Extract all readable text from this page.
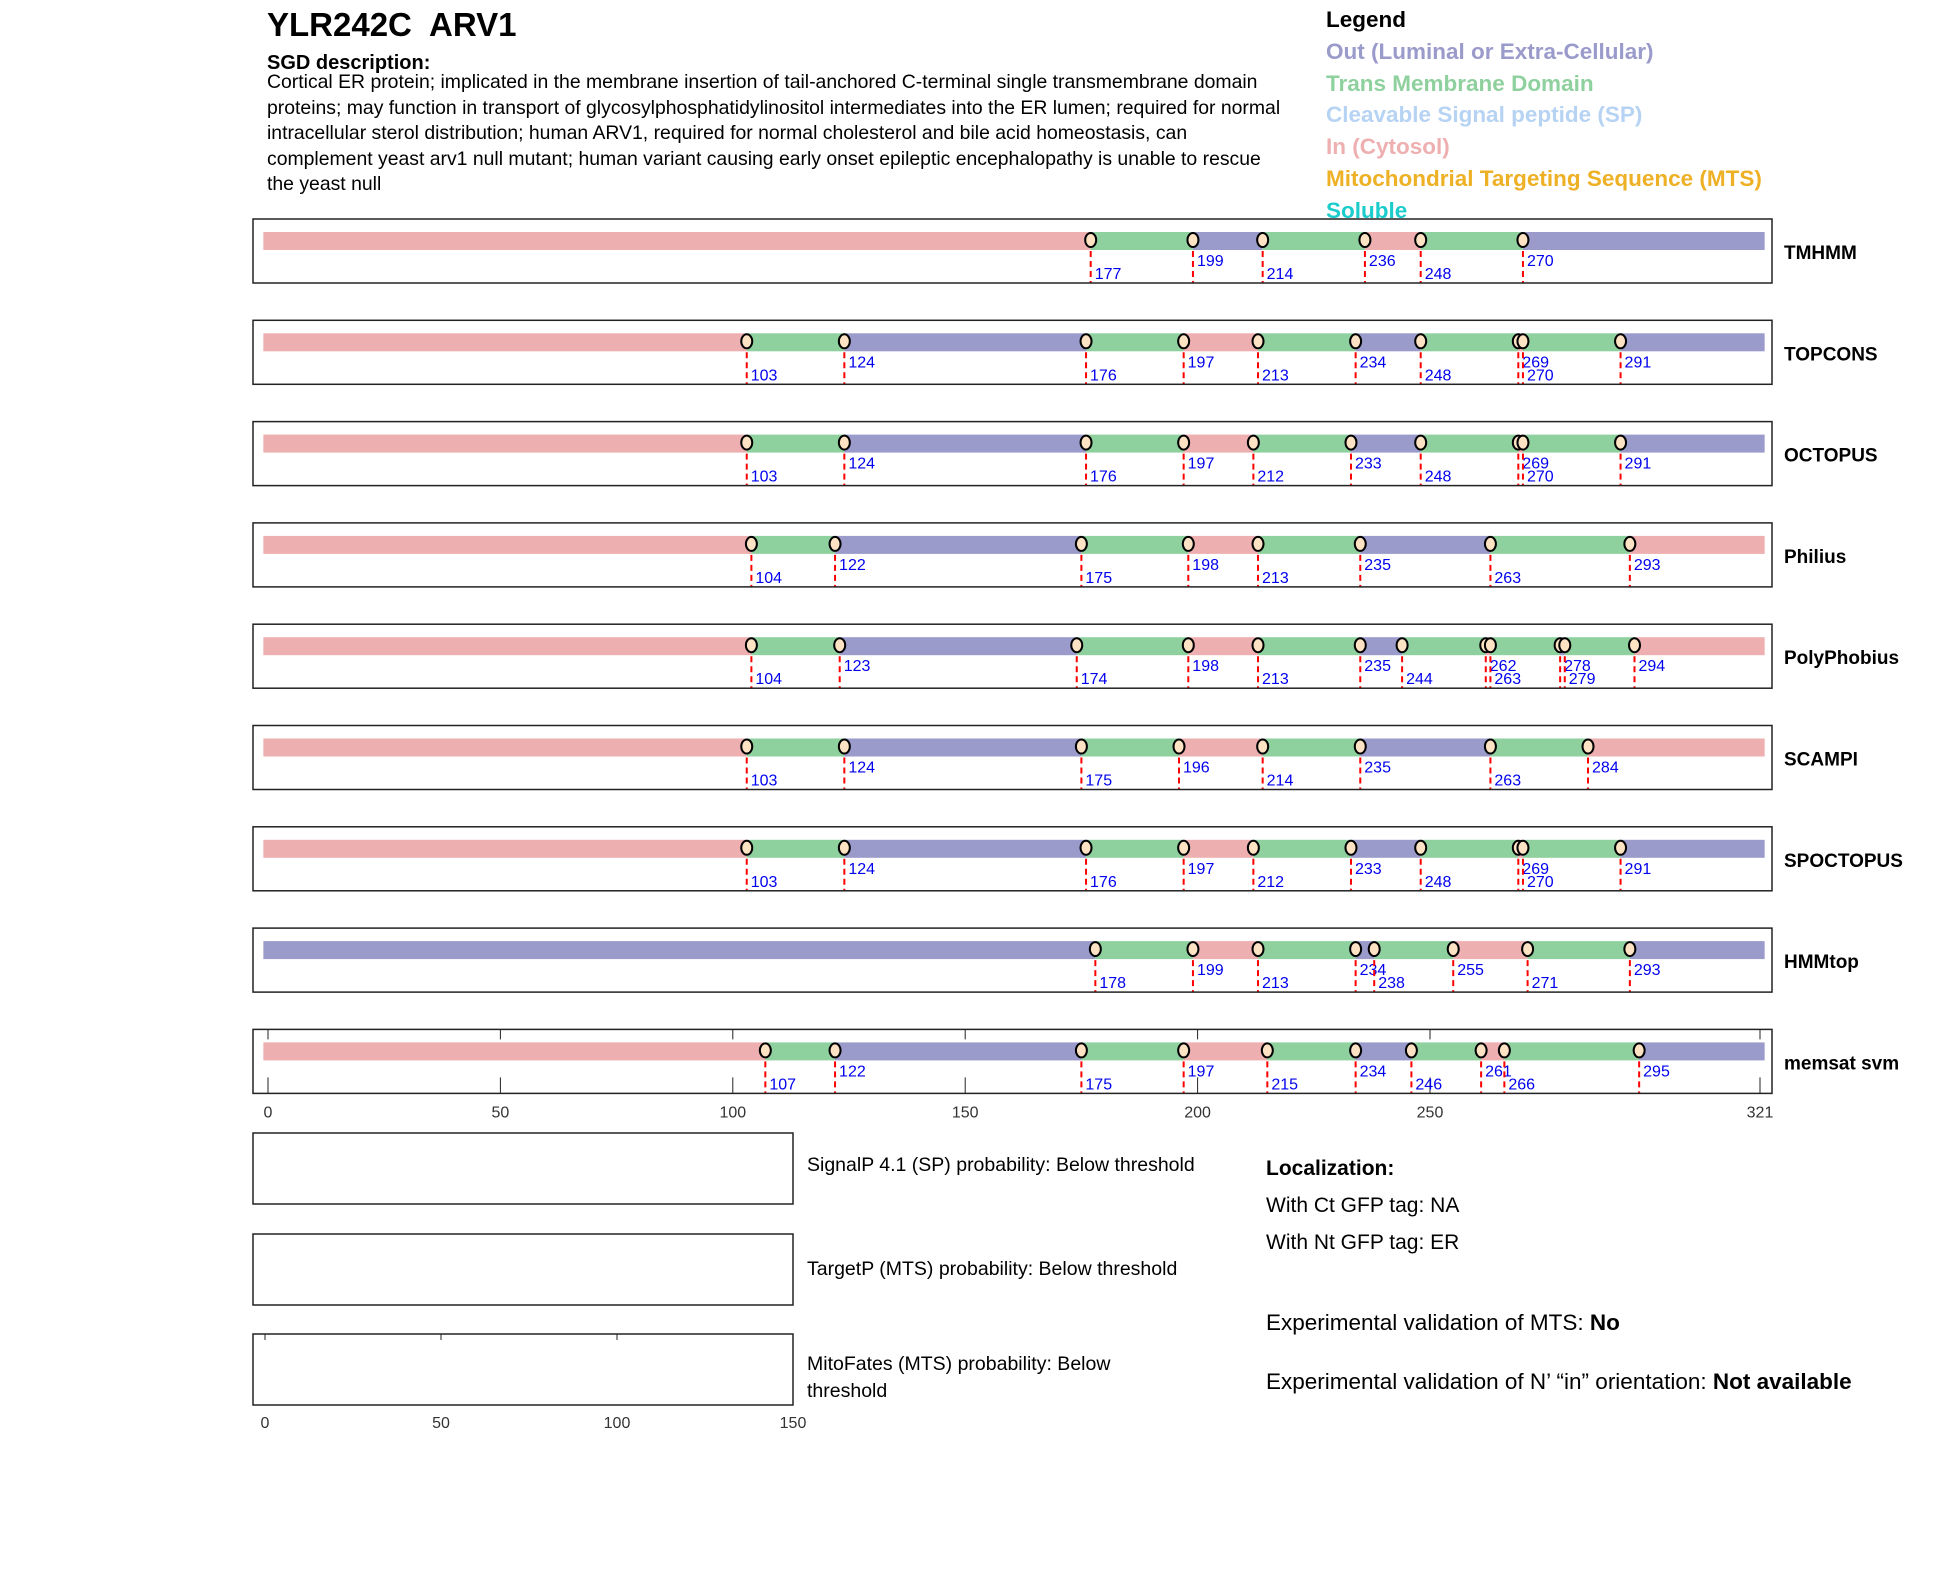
YLR242C  ARV1
SGD description:
Cortical ER protein; implicated in the membrane insertion of tail-anchored C-terminal single transmembrane domain proteins; may function in transport of glycosylphosphatidylinositol intermediates into the ER lumen; required for normal intracellular sterol distribution; human ARV1, required for normal cholesterol and bile acid homeostasis, can complement yeast arv1 null mutant; human variant causing early onset epileptic encephalopathy is unable to rescue the yeast null
Legend
Out (Luminal or Extra-Cellular)
Trans Membrane Domain
Cleavable Signal peptide (SP)
In (Cytosol)
Mitochondrial Targeting Sequence (MTS)
Soluble
177
199
214
236
248
270	TMHMM
103
124
176
197
213
234
248
269
270
291	TOPCONS
103
124
176
197
212
233
248
269
270
291	OCTOPUS
104
122
175
198
213
235
263
293	Philius
104
123
174
198
213
235
244
262
263
278
279
294	PolyPhobius
103
124
175
196
214
235
263
284	SCAMPI
103
124
176
197
212
233
248
269
270
291	SPOCTOPUS
178
199
213
234
238
255
271
293	HMMtop
0	50	100	150	200	250	321
107
122
175
197
215
234
246
261
266
295	memsat svm
0	50	100	150
SignalP 4.1 (SP) probability: Below threshold
TargetP (MTS) probability: Below threshold
MitoFates (MTS) probability: Below threshold
Localization:
With Ct GFP tag: NA
With Nt GFP tag: ER
Experimental validation of MTS: No
Experimental validation of N’ “in” orientation: Not available
